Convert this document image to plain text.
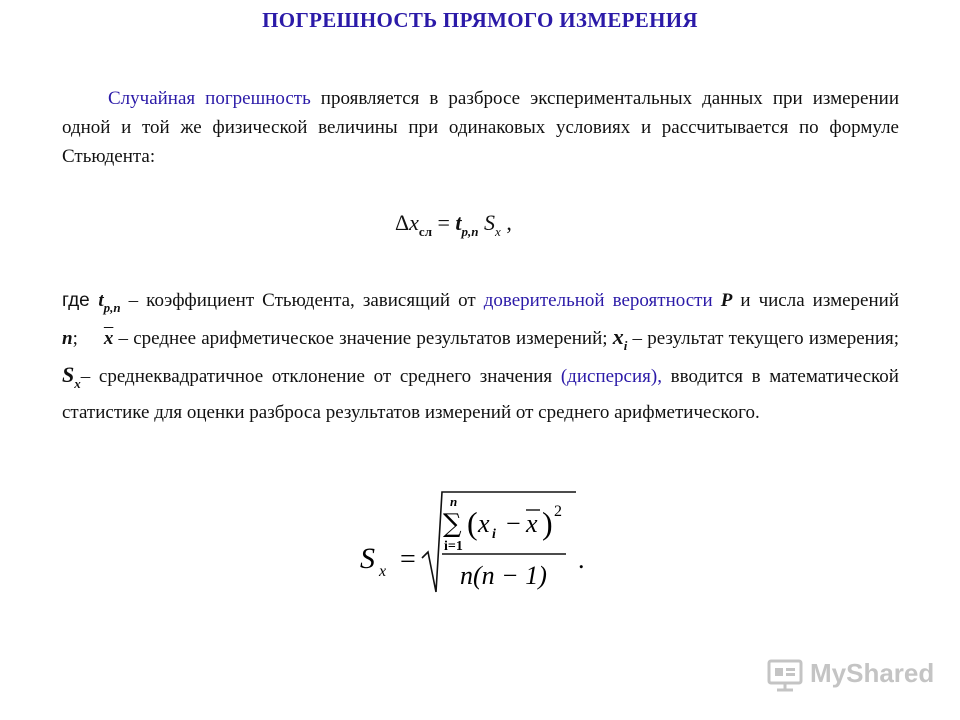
ПОГРЕШНОСТЬ ПРЯМОГО ИЗМЕРЕНИЯ
Случайная погрешность проявляется в разбросе экспериментальных данных при измерении одной и той же физической величины при одинаковых условиях и рассчитывается по формуле Стьюдента:
$\Delta x_{сл} = t_{p,n}$ $S_x$ ,
где $t_{p,n}$ – коэффициент Стьюдента, зависящий от доверительной вероятности P и числа измерений n; $\overline{x}$ – среднее арифметическое значение результатов измерений; $x_i$ – результат текущего измерения; $S_x-$ среднеквадратичное отклонение от среднего значения (дисперсия), вводится в математической статистике для оценки разброса результатов измерений от среднего арифметического.
S x =
n
∑
i=1
( x i − x ) 2
n(n − 1)
.
MyShared
